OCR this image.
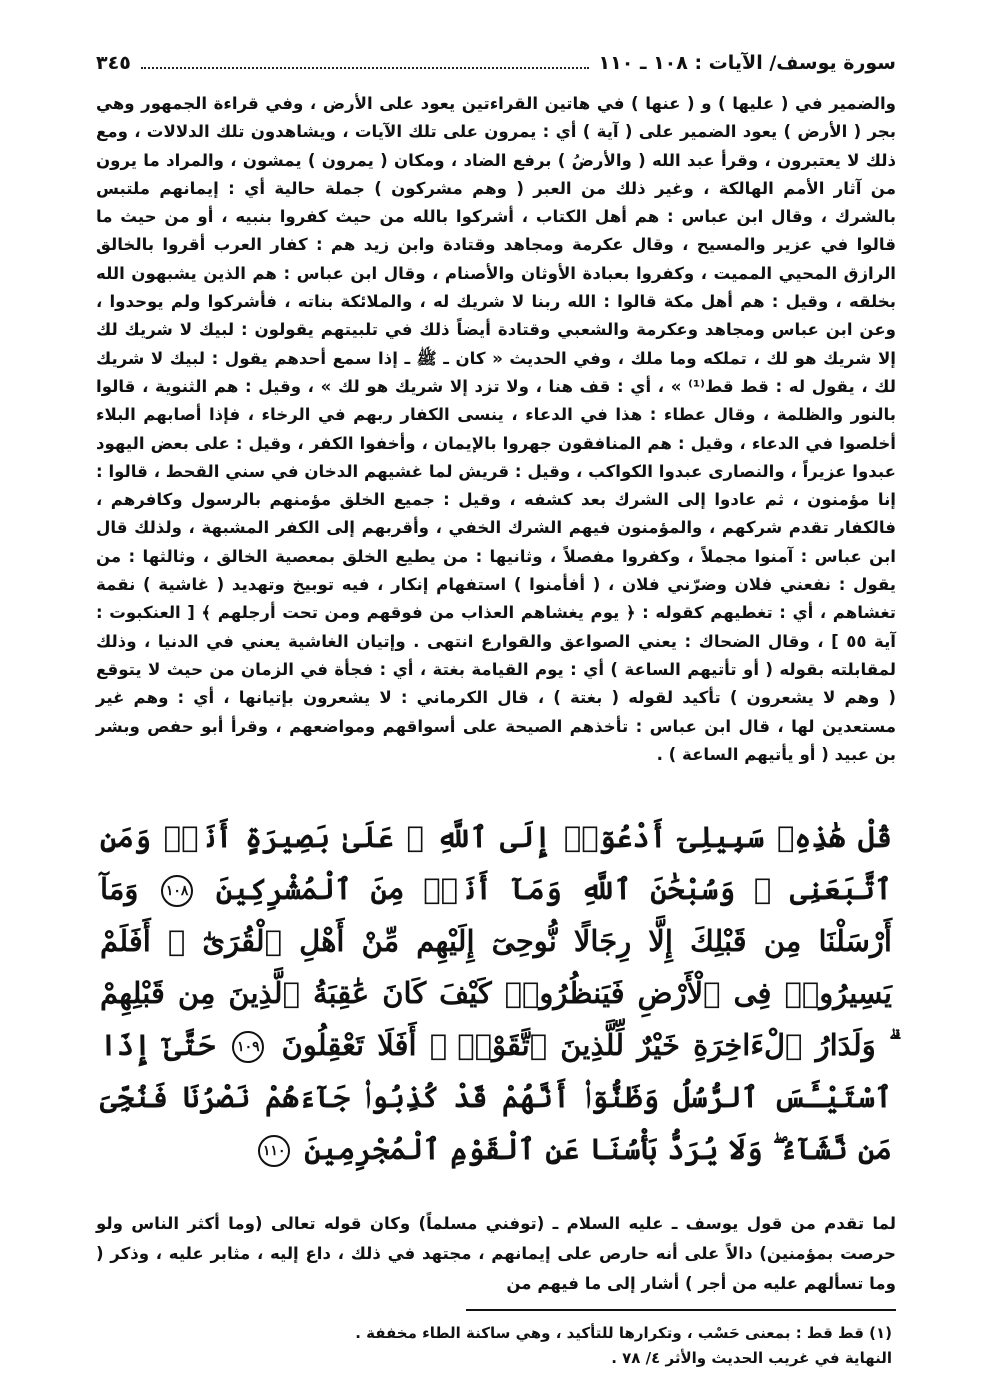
سورة يوسف/ الآيات : ١٠٨ ـ ١١٠
٣٤٥

والضمير في ( عليها ) و ( عنها ) في هاتين القراءتين يعود على الأرض ، وفي قراءة الجمهور وهي بجر ( الأرض ) يعود الضمير على ( آية ) أي : يمرون على تلك الآيات ، ويشاهدون تلك الدلالات ، ومع ذلك لا يعتبرون ، وقرأ عبد الله ( والأرضُ ) برفع الضاد ، ومكان ( يمرون ) يمشون ، والمراد ما يرون من آثار الأمم الهالكة ، وغير ذلك من العبر ( وهم مشركون ) جملة حالية أي : إيمانهم ملتبس بالشرك ، وقال ابن عباس : هم أهل الكتاب ، أشركوا بالله من حيث كفروا بنبيه ، أو من حيث ما قالوا في عزير والمسيح ، وقال عكرمة ومجاهد وقتادة وابن زيد هم : كفار العرب أقروا بالخالق الرازق المحيي المميت ، وكفروا بعبادة الأوثان والأصنام ، وقال ابن عباس : هم الذين يشبهون الله بخلقه ، وقيل : هم أهل مكة قالوا : الله ربنا لا شريك له ، والملائكة بناته ، فأشركوا ولم يوحدوا ، وعن ابن عباس ومجاهد وعكرمة والشعبي وقتادة أيضاً ذلك في تلبيتهم يقولون : لبيك لا شريك لك إلا شريك هو لك ، تملكه وما ملك ، وفي الحديث « كان ـ ﷺ ـ إذا سمع أحدهم يقول : لبيك لا شريك لك ، يقول له : قط قط⁽¹⁾ » ، أي : قف هنا ، ولا تزد إلا شريك هو لك » ، وقيل : هم الثنوية ، قالوا بالنور والظلمة ، وقال عطاء : هذا في الدعاء ، ينسى الكفار ربهم في الرخاء ، فإذا أصابهم البلاء أخلصوا في الدعاء ، وقيل : هم المنافقون جهروا بالإيمان ، وأخفوا الكفر ، وقيل : على بعض اليهود عبدوا عزيراً ، والنصارى عبدوا الكواكب ، وقيل : قريش لما غشيهم الدخان في سني القحط ، قالوا : إنا مؤمنون ، ثم عادوا إلى الشرك بعد كشفه ، وقيل : جميع الخلق مؤمنهم بالرسول وكافرهم ، فالكفار تقدم شركهم ، والمؤمنون فيهم الشرك الخفي ، وأقربهم إلى الكفر المشبهة ، ولذلك قال ابن عباس : آمنوا مجملاً ، وكفروا مفصلاً ، وثانيها : من يطيع الخلق بمعصية الخالق ، وثالثها : من يقول : نفعني فلان وضرّني فلان ، ( أفأمنوا ) استفهام إنكار ، فيه توبيخ وتهديد ( غاشية ) نقمة تغشاهم ، أي : تغطيهم كقوله : ﴿ يوم يغشاهم العذاب من فوقهم ومن تحت أرجلهم ﴾ [ العنكبوت : آية ٥٥ ] ، وقال الضحاك : يعني الصواعق والقوارع انتهى . وإتيان الغاشية يعني في الدنيا ، وذلك لمقابلته بقوله ( أو تأتيهم الساعة ) أي : يوم القيامة بغتة ، أي : فجأة في الزمان من حيث لا يتوقع ( وهم لا يشعرون ) تأكيد لقوله ( بغتة ) ، قال الكرماني : لا يشعرون بإتيانها ، أي : وهم غير مستعدين لها ، قال ابن عباس : تأخذهم الصيحة على أسواقهم ومواضعهم ، وقرأ أبو حفص وبشر بن عبيد ( أو يأتيهم الساعة ) .

قُلْ هَٰذِهِۦ سَبِيلِىٓ أَدْعُوٓا۟ إِلَى ٱللَّهِ ۚ عَلَىٰ بَصِيرَةٍ أَنَا۠ وَمَنِ ٱتَّبَعَنِى ۖ وَسُبْحَٰنَ ٱللَّهِ وَمَآ أَنَا۠ مِنَ ٱلْمُشْرِكِينَ ١٠٨ وَمَآ أَرْسَلْنَا مِن قَبْلِكَ إِلَّا رِجَالًا نُّوحِىٓ إِلَيْهِم مِّنْ أَهْلِ ٱلْقُرَىٰٓ ۗ أَفَلَمْ يَسِيرُوا۟ فِى ٱلْأَرْضِ فَيَنظُرُوا۟ كَيْفَ كَانَ عَٰقِبَةُ ٱلَّذِينَ مِن قَبْلِهِمْ ۗ وَلَدَارُ ٱلْءَاخِرَةِ خَيْرٌ لِّلَّذِينَ ٱتَّقَوْا۟ ۗ أَفَلَا تَعْقِلُونَ ١٠٩ حَتَّىٰٓ إِذَا ٱسْتَيْـَٔسَ ٱلرُّسُلُ وَظَنُّوٓا۟ أَنَّهُمْ قَدْ كُذِبُوا۟ جَآءَهُمْ نَصْرُنَا فَنُجِّىَ مَن نَّشَآءُ ۖ وَلَا يُرَدُّ بَأْسُنَا عَنِ ٱلْقَوْمِ ٱلْمُجْرِمِينَ ١١٠

لما تقدم من قول يوسف ـ عليه السلام ـ (توفني مسلماً) وكان قوله تعالى (وما أكثر الناس ولو حرصت بمؤمنين) دالاً على أنه حارص على إيمانهم ، مجتهد في ذلك ، داع إليه ، مثابر عليه ، وذكر ( وما تسألهم عليه من أجر ) أشار إلى ما فيهم من

(١) قط قط : بمعنى حَسْب ، وتكرارها للتأكيد ، وهي ساكنة الطاء مخففة .

النهاية في غريب الحديث والأثر ٤/ ٧٨ .
